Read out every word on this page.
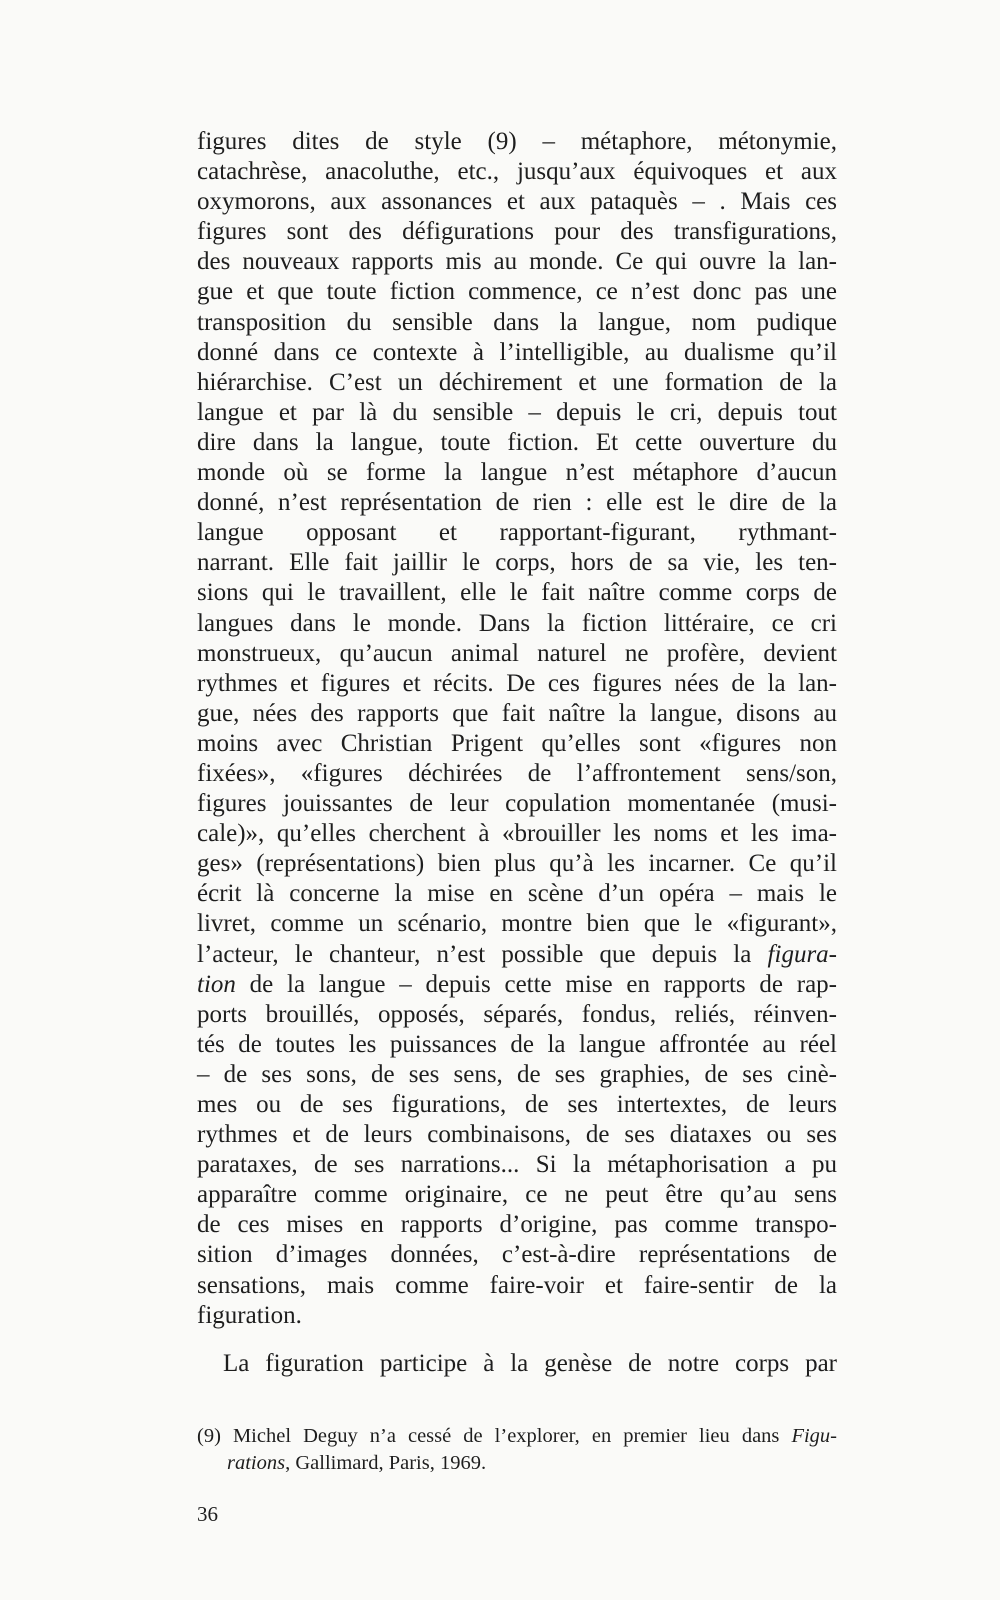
figures dites de style (9) – métaphore, métonymie,
catachrèse, anacoluthe, etc., jusqu’aux équivoques et aux
oxymorons, aux assonances et aux pataquès – . Mais ces
figures sont des défigurations pour des transfigurations,
des nouveaux rapports mis au monde. Ce qui ouvre la lan-
gue et que toute fiction commence, ce n’est donc pas une
transposition du sensible dans la langue, nom pudique
donné dans ce contexte à l’intelligible, au dualisme qu’il
hiérarchise. C’est un déchirement et une formation de la
langue et par là du sensible – depuis le cri, depuis tout
dire dans la langue, toute fiction. Et cette ouverture du
monde où se forme la langue n’est métaphore d’aucun
donné, n’est représentation de rien : elle est le dire de la
langue opposant et rapportant-figurant, rythmant-
narrant. Elle fait jaillir le corps, hors de sa vie, les ten-
sions qui le travaillent, elle le fait naître comme corps de
langues dans le monde. Dans la fiction littéraire, ce cri
monstrueux, qu’aucun animal naturel ne profère, devient
rythmes et figures et récits. De ces figures nées de la lan-
gue, nées des rapports que fait naître la langue, disons au
moins avec Christian Prigent qu’elles sont «figures non
fixées», «figures déchirées de l’affrontement sens/son,
figures jouissantes de leur copulation momentanée (musi-
cale)», qu’elles cherchent à «brouiller les noms et les ima-
ges» (représentations) bien plus qu’à les incarner. Ce qu’il
écrit là concerne la mise en scène d’un opéra – mais le
livret, comme un scénario, montre bien que le «figurant»,
l’acteur, le chanteur, n’est possible que depuis la figura-
tion de la langue – depuis cette mise en rapports de rap-
ports brouillés, opposés, séparés, fondus, reliés, réinven-
tés de toutes les puissances de la langue affrontée au réel
– de ses sons, de ses sens, de ses graphies, de ses cinè-
mes ou de ses figurations, de ses intertextes, de leurs
rythmes et de leurs combinaisons, de ses diataxes ou ses
parataxes, de ses narrations... Si la métaphorisation a pu
apparaître comme originaire, ce ne peut être qu’au sens
de ces mises en rapports d’origine, pas comme transpo-
sition d’images données, c’est-à-dire représentations de
sensations, mais comme faire-voir et faire-sentir de la
figuration.
La figuration participe à la genèse de notre corps par
(9) Michel Deguy n’a cessé de l’explorer, en premier lieu dans Figu-
rations, Gallimard, Paris, 1969.
36
